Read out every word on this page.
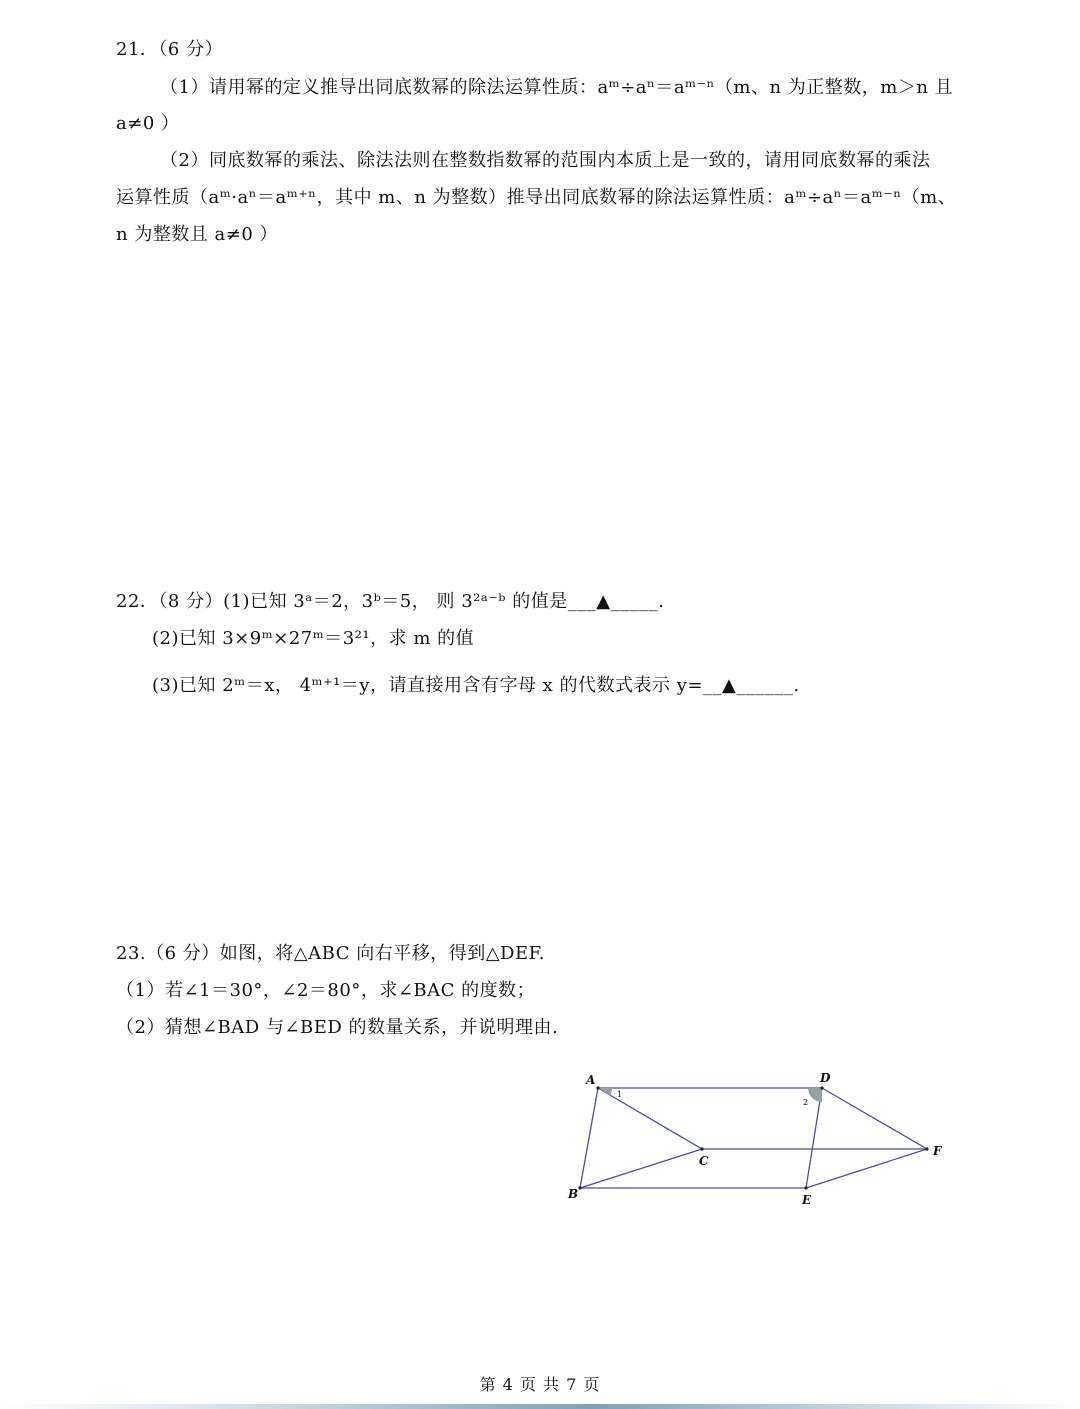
21．（6 分）
（1）请用幂的定义推导出同底数幂的除法运算性质：aᵐ÷aⁿ＝aᵐ⁻ⁿ（m、n 为正整数，m＞n 且
a≠0 ）
（2）同底数幂的乘法、除法法则在整数指数幂的范围内本质上是一致的，请用同底数幂的乘法
运算性质（aᵐ·aⁿ＝aᵐ⁺ⁿ，其中 m、n 为整数）推导出同底数幂的除法运算性质：aᵐ÷aⁿ＝aᵐ⁻ⁿ（m、
n 为整数且 a≠0 ）
22．（8 分）(1)已知 3ᵃ＝2，3ᵇ＝5， 则 3²ᵃ⁻ᵇ 的值是___▲_____.
(2)已知 3×9ᵐ×27ᵐ＝3²¹，求 m 的值
(3)已知 2ᵐ＝x， 4ᵐ⁺¹＝y，请直接用含有字母 x 的代数式表示 y=__▲______.
23.（6 分）如图，将△ABC 向右平移，得到△DEF.
（1）若∠1＝30°，∠2＝80°，求∠BAC 的度数；
（2）猜想∠BAD 与∠BED 的数量关系，并说明理由.
A
B
C
D
E
F
1
2
第 4 页 共 7 页
